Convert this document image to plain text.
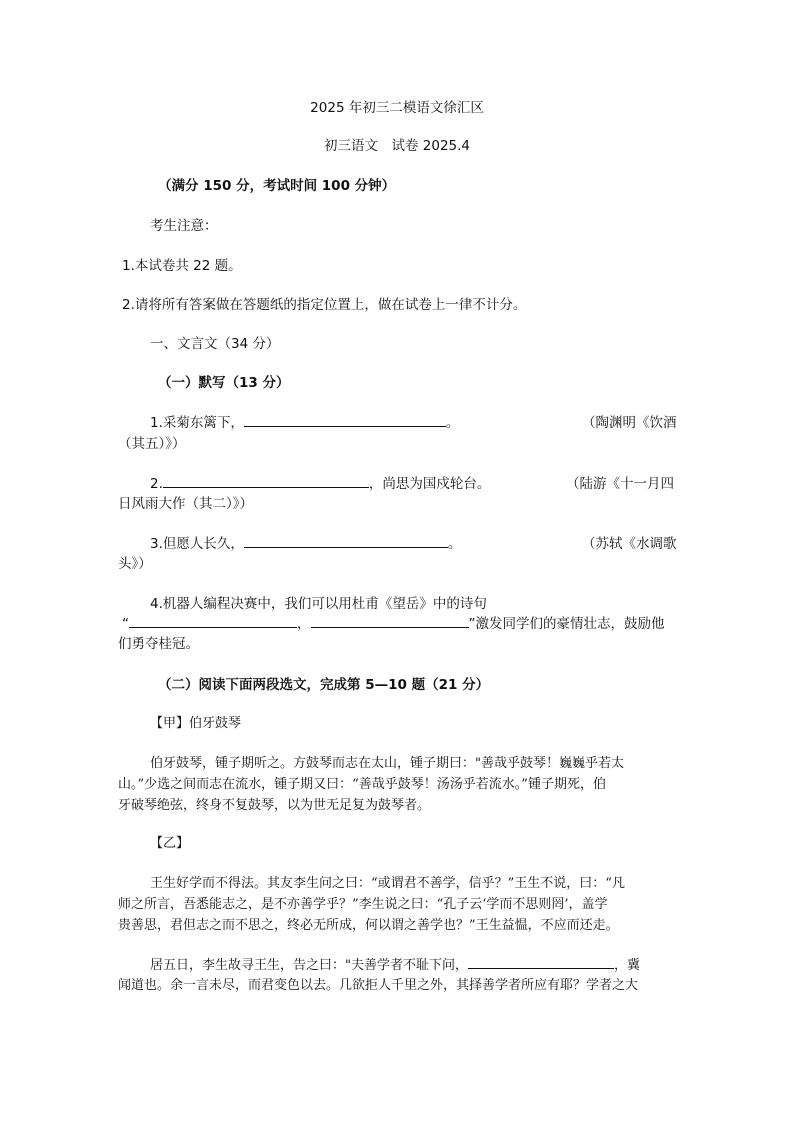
2025 年初三二模语文徐汇区
初三语文　试卷 2025.4
（满分 150 分，考试时间 100 分钟）
考生注意：
1.本试卷共 22 题。
2.请将所有答案做在答题纸的指定位置上，做在试卷上一律不计分。
一、文言文（34 分）
（一）默写（13 分）
1.采菊东篱下，	。	（陶渊明《饮酒
（其五）》）
2.	，尚思为国戍轮台。	（陆游《十一月四
日风雨大作（其二）》）
3.但愿人长久，	。	（苏轼《水调歌
头》）
4.机器人编程决赛中，我们可以用杜甫《望岳》中的诗句
“	，	”激发同学们的豪情壮志，鼓励他
们勇夺桂冠。
（二）阅读下面两段选文，完成第 5—10 题（21 分）
【甲】伯牙鼓琴
伯牙鼓琴，锺子期听之。方鼓琴而志在太山，锺子期曰："善哉乎鼓琴！巍巍乎若太
山。”少选之间而志在流水，锺子期又曰：“善哉乎鼓琴！汤汤乎若流水。”锺子期死，伯
牙破琴绝弦，终身不复鼓琴，以为世无足复为鼓琴者。
【乙】
王生好学而不得法。其友李生问之曰：“或谓君不善学，信乎？”王生不说，曰：“凡
师之所言，吾悉能志之，是不亦善学乎？”李生说之曰：“孔子云‘学而不思则罔’，盖学
贵善思，君但志之而不思之，终必无所成，何以谓之善学也？”王生益愠，不应而还走。
居五日，李生故寻王生，告之曰："夫善学者不耻下问，	，冀
闻道也。余一言未尽，而君变色以去。几欲拒人千里之外，其择善学者所应有耶？学者之大
